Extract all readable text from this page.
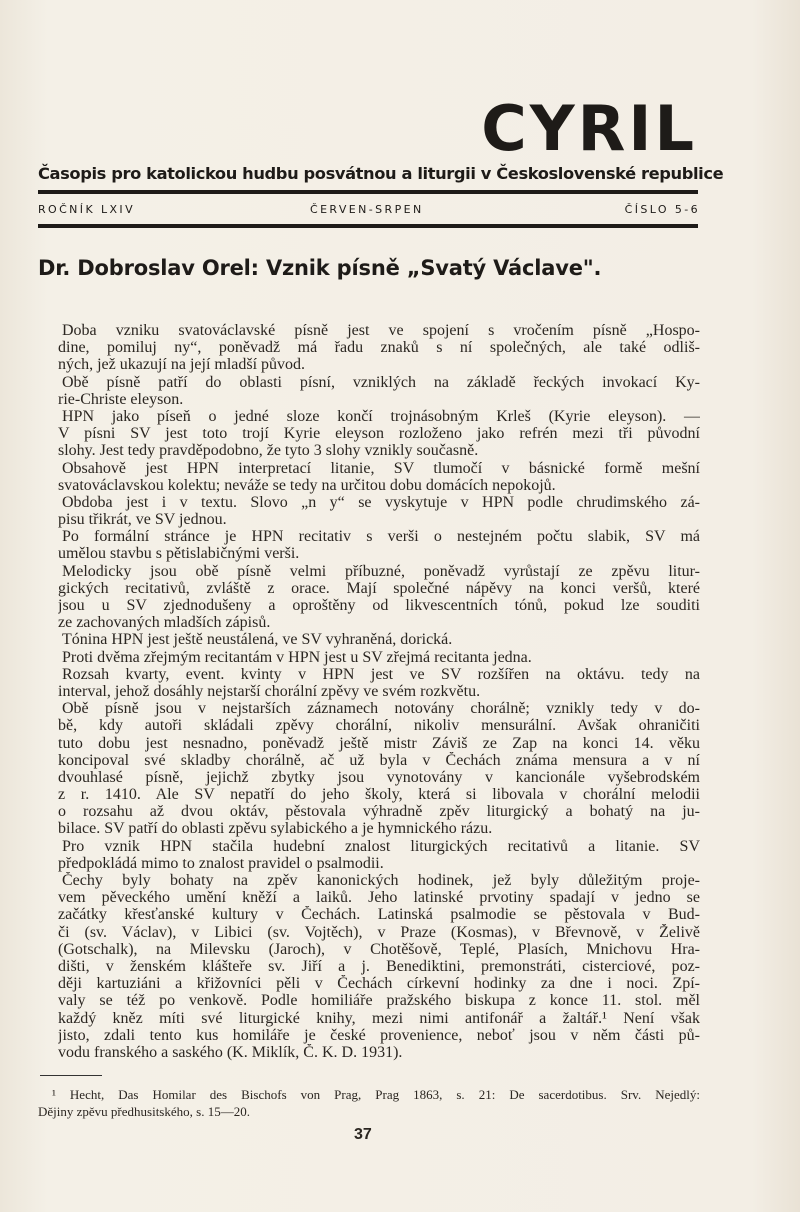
CYRIL
Časopis pro katolickou hudbu posvátnou a liturgii v Československé republice
ROČNÍK LXIV	ČERVEN-SRPEN	ČÍSLO 5-6
Dr. Dobroslav Orel: Vznik písně „Svatý Václave".
Doba vzniku svatováclavské písně jest ve spojení s vročením písně „Hospo-
dine, pomiluj ny“, poněvadž má řadu znaků s ní společných, ale také odliš-
ných, jež ukazují na její mladší původ.
Obě písně patří do oblasti písní, vzniklých na základě řeckých invokací Ky-
rie-Christe eleyson.
HPN jako píseň o jedné sloze končí trojnásobným Krleš (Kyrie eleyson). —
V písni SV jest toto trojí Kyrie eleyson rozloženo jako refrén mezi tři původní
slohy. Jest tedy pravděpodobno, že tyto 3 slohy vznikly současně.
Obsahově jest HPN interpretací litanie, SV tlumočí v básnické formě mešní
svatováclavskou kolektu; neváže se tedy na určitou dobu domácích nepokojů.
Obdoba jest i v textu. Slovo „n y“ se vyskytuje v HPN podle chrudimského zá-
pisu třikrát, ve SV jednou.
Po formální stránce je HPN recitativ s verši o nestejném počtu slabik, SV má
umělou stavbu s pětislabičnými verši.
Melodicky jsou obě písně velmi příbuzné, poněvadž vyrůstají ze zpěvu litur-
gických recitativů, zvláště z orace. Mají společné nápěvy na konci veršů, které
jsou u SV zjednodušeny a oproštěny od likvescentních tónů, pokud lze souditi
ze zachovaných mladších zápisů.
Tónina HPN jest ještě neustálená, ve SV vyhraněná, dorická.
Proti dvěma zřejmým recitantám v HPN jest u SV zřejmá recitanta jedna.
Rozsah kvarty, event. kvinty v HPN jest ve SV rozšířen na oktávu. tedy na
interval, jehož dosáhly nejstarší chorální zpěvy ve svém rozkvětu.
Obě písně jsou v nejstarších záznamech notovány chorálně; vznikly tedy v do-
bě, kdy autoři skládali zpěvy chorální, nikoliv mensurální. Avšak ohraničiti
tuto dobu jest nesnadno, poněvadž ještě mistr Záviš ze Zap na konci 14. věku
koncipoval své skladby chorálně, ač už byla v Čechách známa mensura a v ní
dvouhlasé písně, jejichž zbytky jsou vynotovány v kancionále vyšebrodském
z r. 1410. Ale SV nepatří do jeho školy, která si libovala v chorální melodii
o rozsahu až dvou oktáv, pěstovala výhradně zpěv liturgický a bohatý na ju-
bilace. SV patří do oblasti zpěvu sylabického a je hymnického rázu.
Pro vznik HPN stačila hudební znalost liturgických recitativů a litanie. SV
předpokládá mimo to znalost pravidel o psalmodii.
Čechy byly bohaty na zpěv kanonických hodinek, jež byly důležitým proje-
vem pěveckého umění kněží a laiků. Jeho latinské prvotiny spadají v jedno se
začátky křesťanské kultury v Čechách. Latinská psalmodie se pěstovala v Bud-
či (sv. Václav), v Libici (sv. Vojtěch), v Praze (Kosmas), v Břevnově, v Želivě
(Gotschalk), na Milevsku (Jaroch), v Chotěšově, Teplé, Plasích, Mnichovu Hra-
dišti, v ženském klášteře sv. Jiří a j. Benediktini, premonstráti, cisterciové, poz-
ději kartuziáni a křižovníci pěli v Čechách církevní hodinky za dne i noci. Zpí-
valy se též po venkově. Podle homiliáře pražského biskupa z konce 11. stol. měl
každý kněz míti své liturgické knihy, mezi nimi antifonář a žaltář.¹ Není však
jisto, zdali tento kus homiláře je české provenience, neboť jsou v něm části pů-
vodu franského a saského (K. Miklík, Č. K. D. 1931).
¹ Hecht, Das Homilar des Bischofs von Prag, Prag 1863, s. 21: De sacerdotibus. Srv. Nejedlý:
Dějiny zpěvu předhusitského, s. 15—20.
37
